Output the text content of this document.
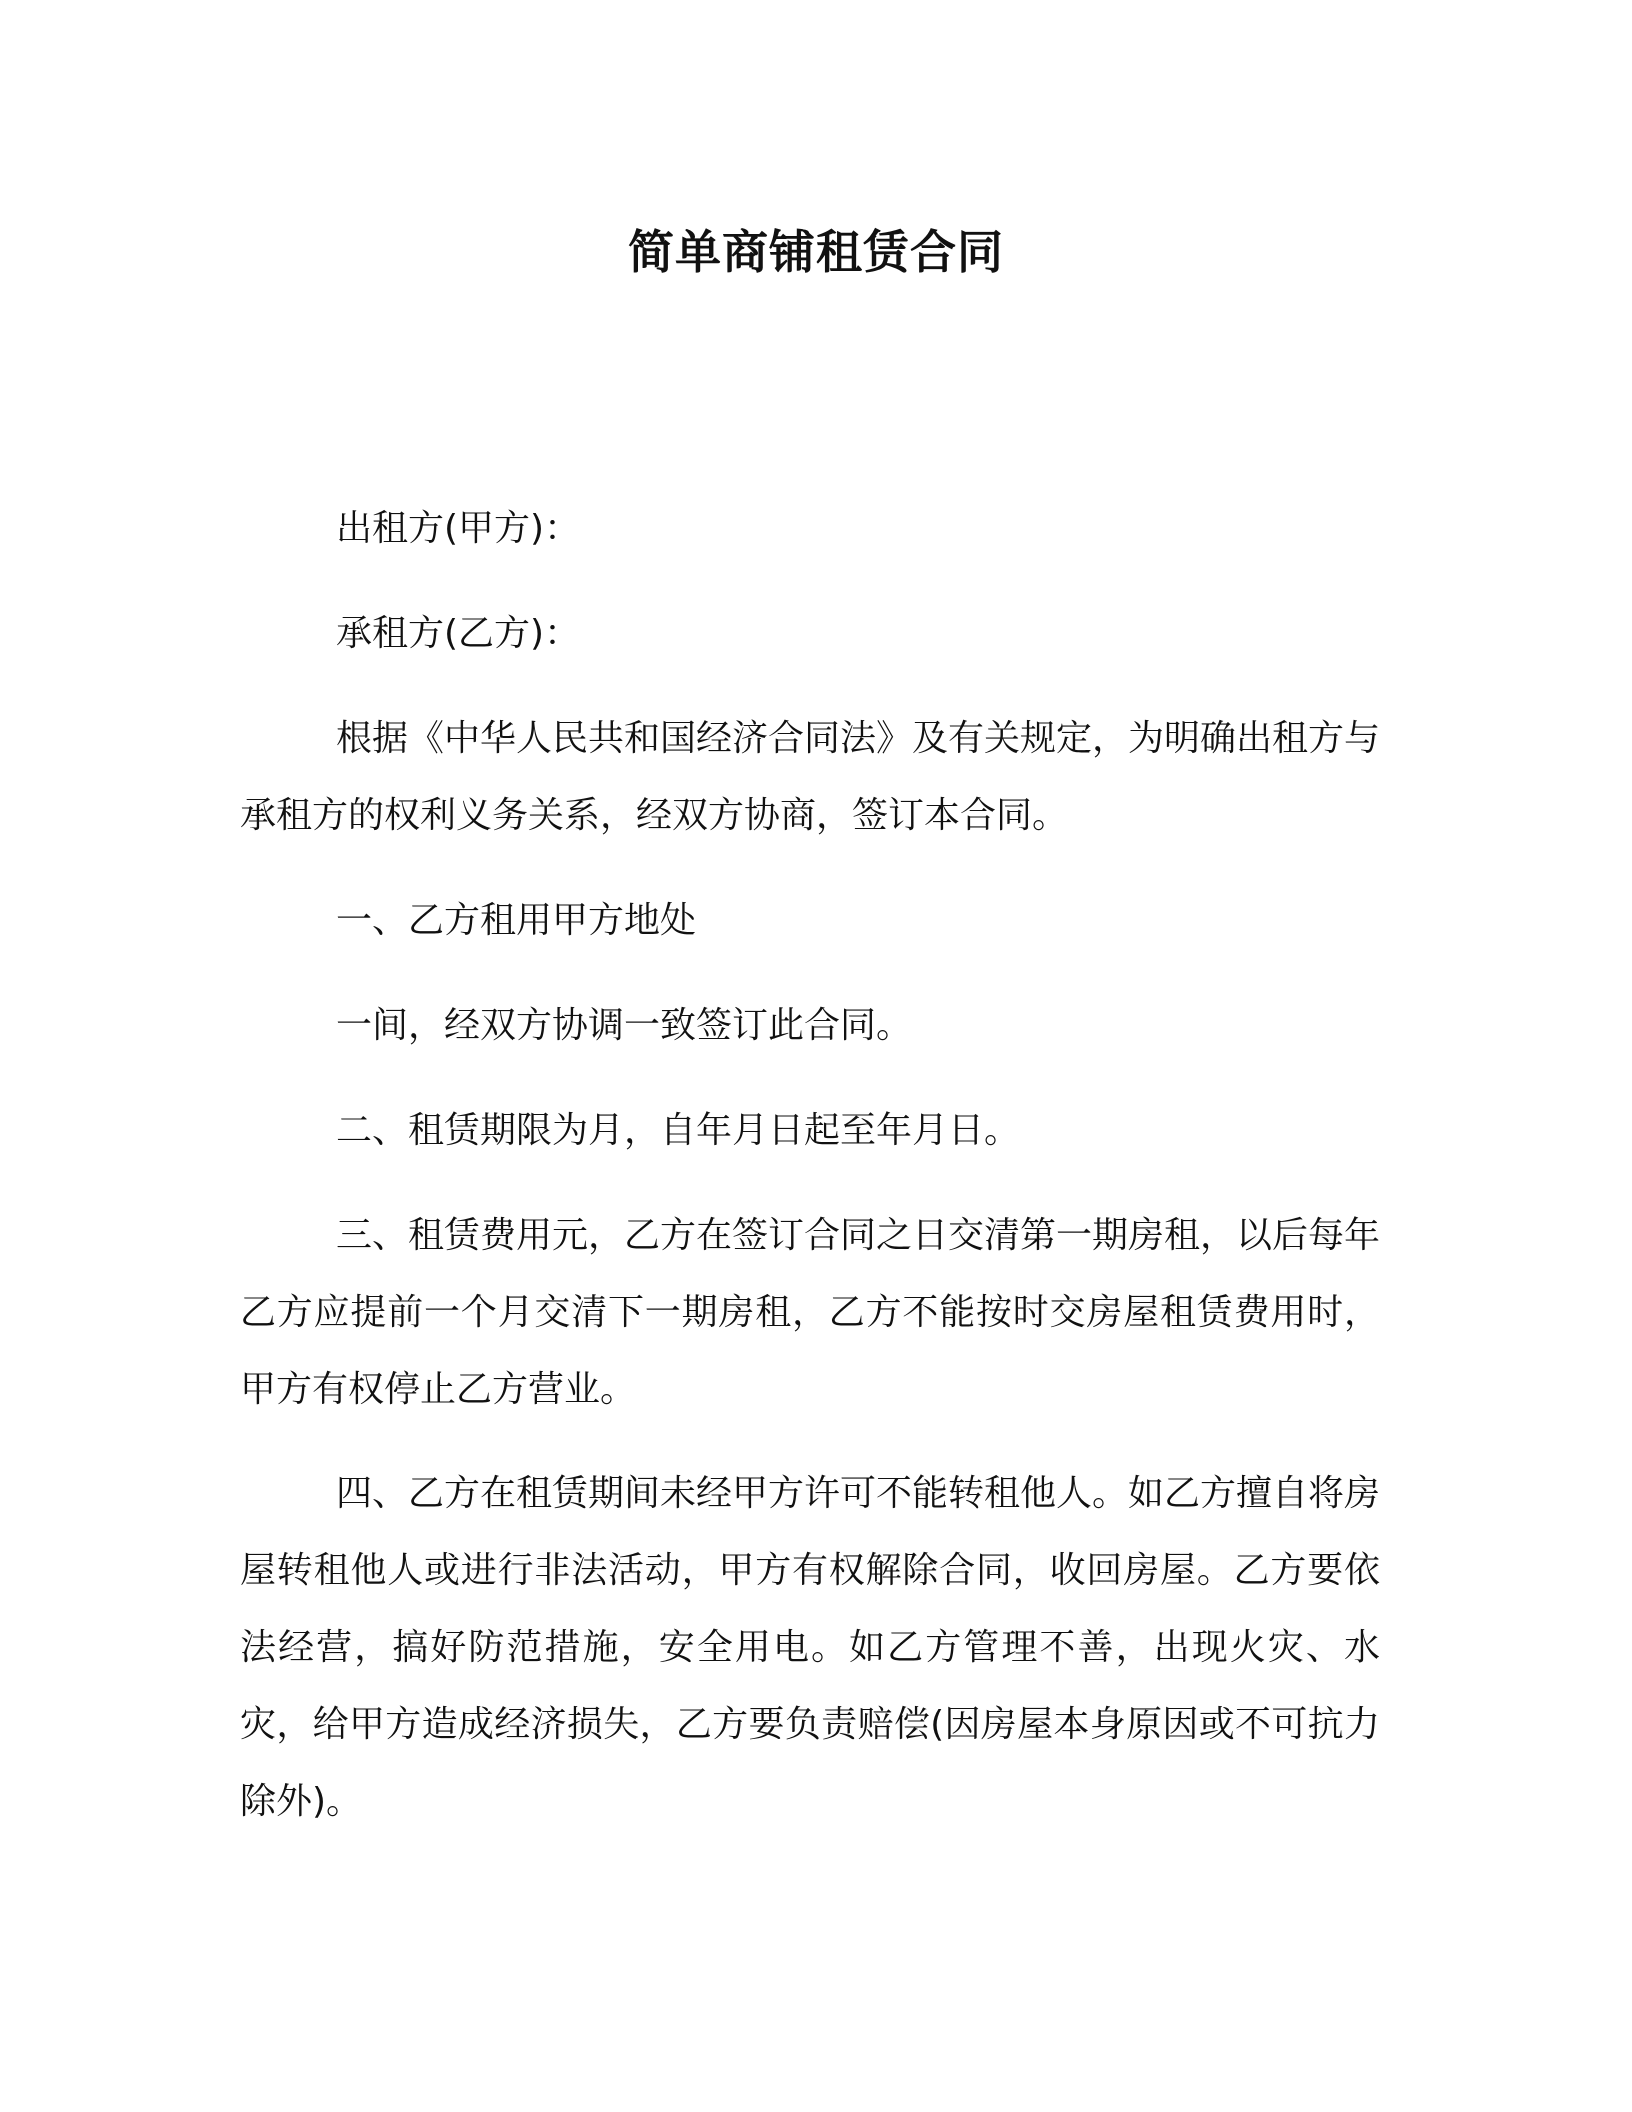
简单商铺租赁合同

出租方(甲方)：

承租方(乙方)：

根据《中华人民共和国经济合同法》及有关规定，为明确出租方与承租方的权利义务关系，经双方协商，签订本合同。

一、乙方租用甲方地处

一间，经双方协调一致签订此合同。

二、租赁期限为月，自年月日起至年月日。

三、租赁费用元，乙方在签订合同之日交清第一期房租，以后每年乙方应提前一个月交清下一期房租，乙方不能按时交房屋租赁费用时，甲方有权停止乙方营业。

四、乙方在租赁期间未经甲方许可不能转租他人。如乙方擅自将房屋转租他人或进行非法活动，甲方有权解除合同，收回房屋。乙方要依法经营，搞好防范措施，安全用电。如乙方管理不善，出现火灾、水灾，给甲方造成经济损失，乙方要负责赔偿(因房屋本身原因或不可抗力除外)。
